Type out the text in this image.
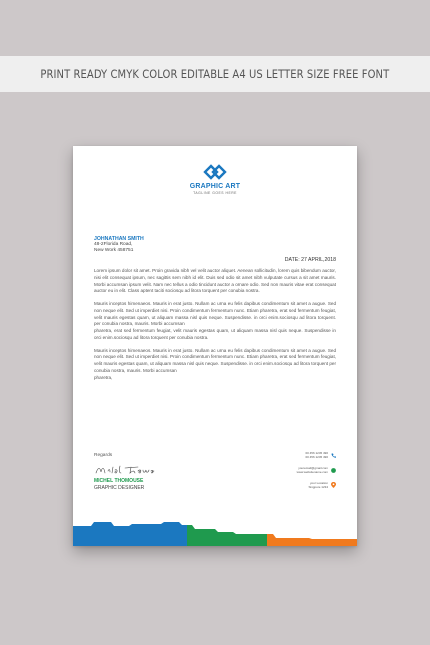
PRINT READY CMYK COLOR EDITABLE A4 US LETTER SIZE FREE FONT
GRAPHIC ART
TAGLINE GOES HERE
JOHNATHAN SMITH
48-2Florida Road,
New Work 458751
DATE: 27 APRIL,2018

Lorem ipsum dolor sit amet. Proin gravida nibh vel velit auctor aliquet. Aenean sollicitudin, lorem quis bibendum auctor, nisi elit consequat ipsum, nec sagittis sem nibh id elit. Duis sed odio sit amet nibh vulputate cursus a sit amet mauris. Morbi accumsan ipsum velit. Nam nec tellus a odio tincidunt auctor a ornare odio. Sed non mauris vitae erat consequat auctor eu in elit. Class aptent taciti sociosqu ad litora torquent per conubia nostra.

Mauris inceptos himenaeos. Mauris in erat justo. Nullam ac urna eu felis dapibus condimentum sit amet a augue. Sed non neque elit. Sed ut imperdiet nisi. Proin condimentum fermentum nunc. Etiam pharetra, erat sed fermentum feugiat, velit mauris egestas quam, ut aliquam massa nisl quis neque. Suspendisse. in orci enim.sociosqu ad litora torquent. per conubia nostra, mauris. Morbi accumsan

pharetra, erat sed fermentum feugiat, velit mauris egestas quam, ut aliquam massa nisl quis neque. Suspendisse in orci enim.sociosqu ad litora torquent per conubia nostra.

Mauris inceptos himenaeos. Mauris in erat justo. Nullam ac urna eu felis dapibus condimentum sit amet a augue. Sed non neque elit. Sed ut imperdiet nisi. Proin condimentum fermentum nunc. Etiam pharetra, erat sed fermentum feugiat, velit mauris egestas quam, ut aliquam massa nisl quis neque. Suspendisse. in orci enim.sociosqu ad litora torquent per conubia nostra, mauris. Morbi accumsan

pharetra,

Regards
MICHEL THOMOUSE
GRAPHIC DESIGNER
00 456 1245 490
00 456 1245 490
youremail@gmail.com
www.websitename.com
your Location
Singpore 1234
